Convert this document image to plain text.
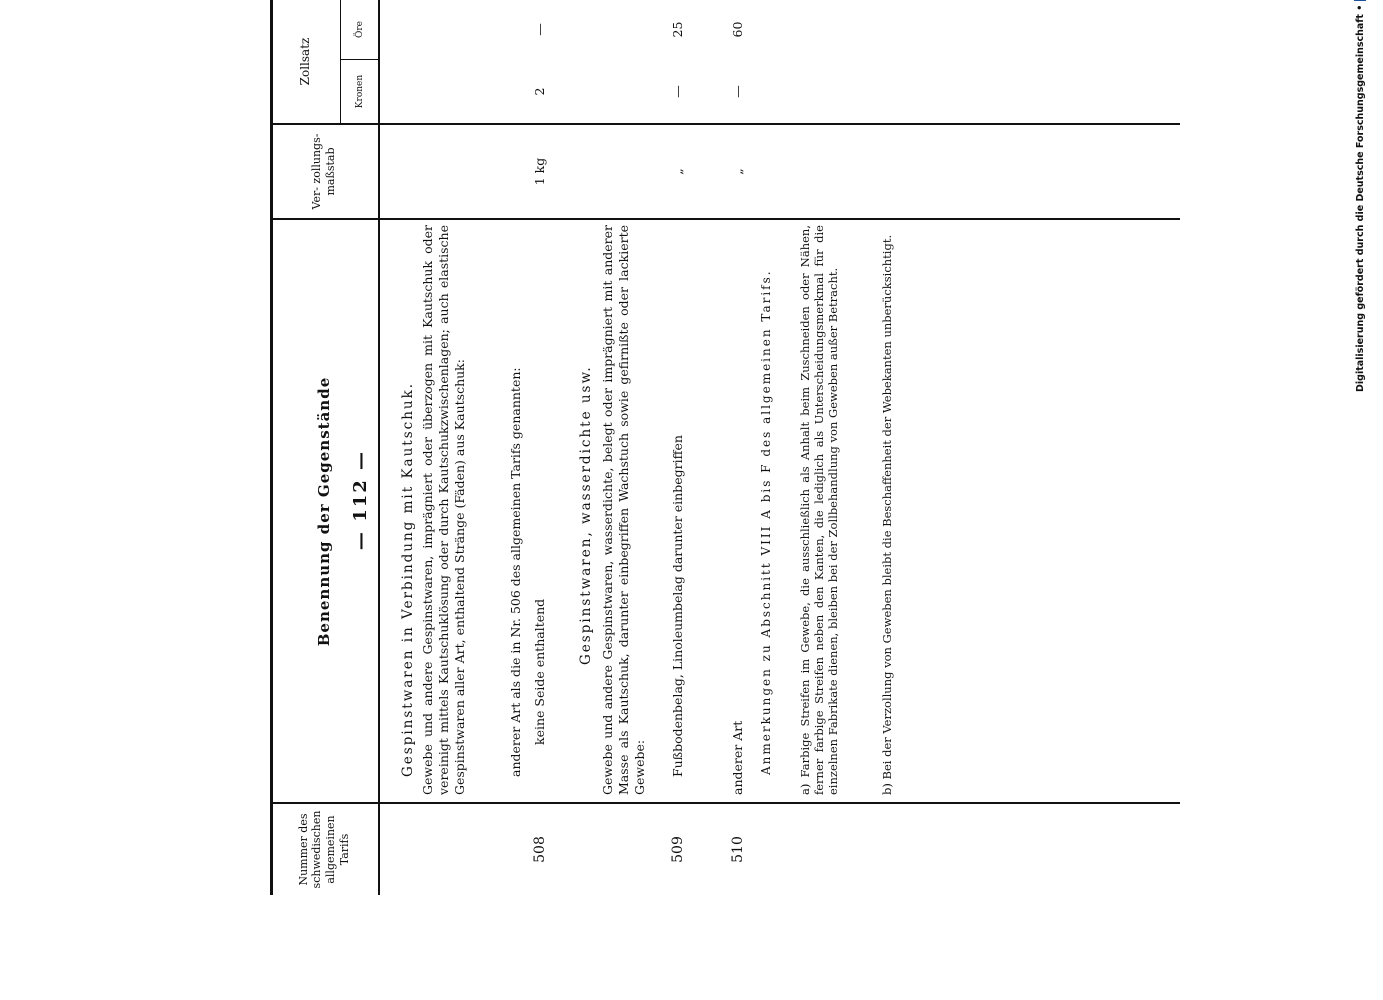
— 112 —
Nummer des schwedischen allgemeinen Tarifs
Benennung der Gegenstände
Ver- zollungs- maßstab
Zollsatz
Kronen
Öre
Gespinstwaren in Verbindung mit Kautschuk. Gewebe und andere Gespinstwaren, imprägniert oder überzogen mit Kautschuk oder vereinigt mittels Kautschuklösung oder durch Kautschukzwischenlagen; auch elastische Gespinstwaren aller Art, enthaltend Stränge (Fäden) aus Kautschuk:	anderer Art als die in Nr. 506 des allgemeinen Tarifs genannten: keine Seide enthaltend
508
1 kg
2
—
Gespinstwaren, wasserdichte usw. Gewebe und andere Gespinstwaren, wasserdichte, belegt oder imprägniert mit anderer Masse als Kautschuk, darunter einbegriffen Wachstuch sowie gefirnißte oder lackierte Gewebe: Fußbodenbelag, Linoleumbelag darunter einbegriffen
509
„
—
25
anderer Art
510
„
—
60
Anmerkungen zu Abschnitt VIII A bis F des allgemeinen Tarifs. a) Farbige Streifen im Gewebe, die ausschließlich als Anhalt beim Zuschneiden oder Nähen, ferner farbige Streifen neben den Kanten, die lediglich als Unterscheidungsmerkmal für die einzelnen Fabrikate dienen, bleiben bei der Zollbehandlung von Geweben außer Betracht.	b) Bei der Verzollung von Geweben bleibt die Beschaffenheit der Webekanten unberücksichtigt.
Digitalisierung gefördert durch die Deutsche Forschungsgemeinschaft •
